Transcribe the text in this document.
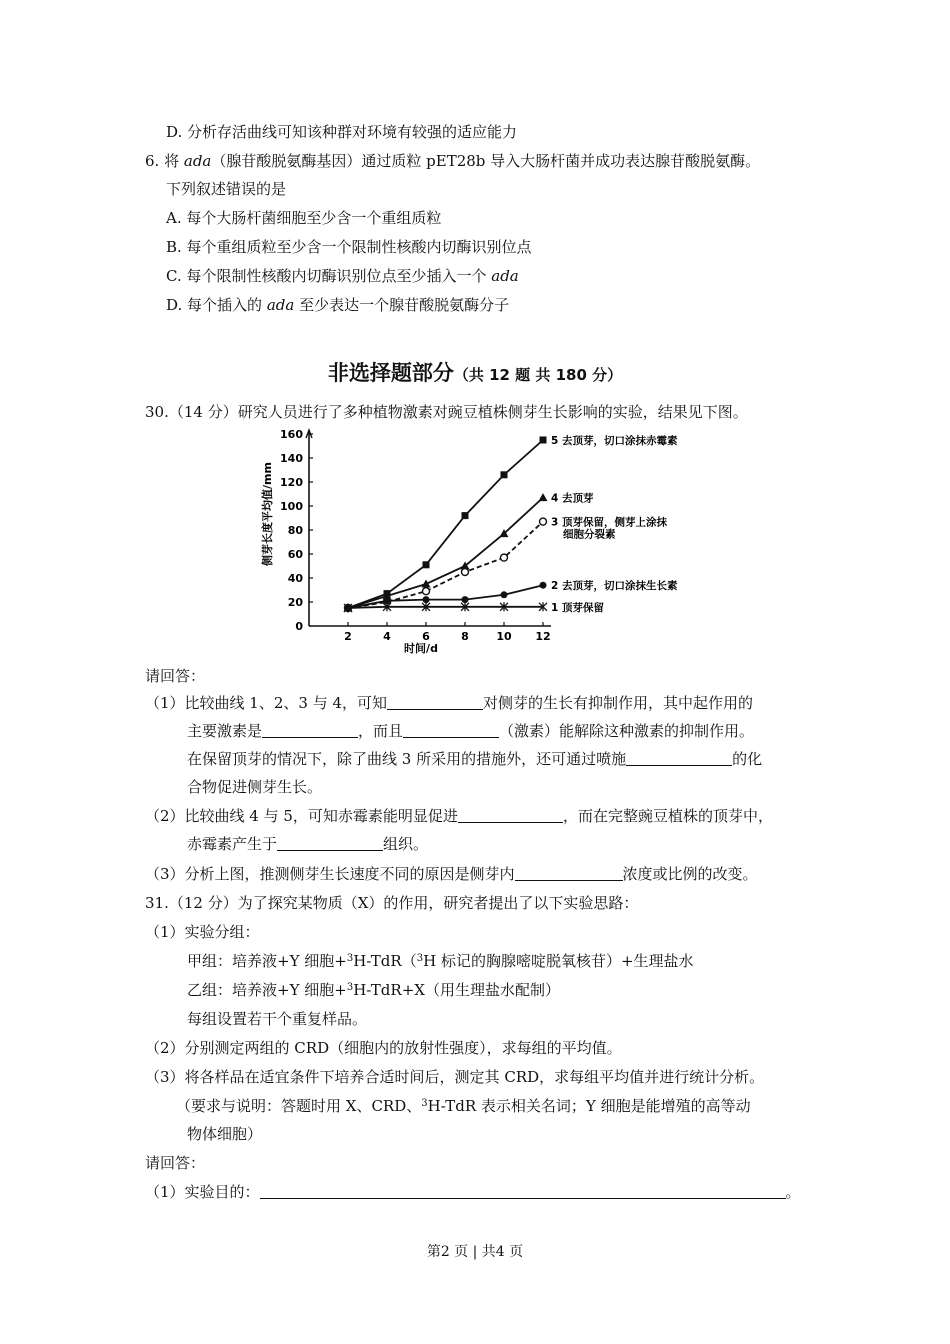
D. 分析存活曲线可知该种群对环境有较强的适应能力
6. 将 ada（腺苷酸脱氨酶基因）通过质粒 pET28b 导入大肠杆菌并成功表达腺苷酸脱氨酶。
下列叙述错误的是
A. 每个大肠杆菌细胞至少含一个重组质粒
B. 每个重组质粒至少含一个限制性核酸内切酶识别位点
C. 每个限制性核酸内切酶识别位点至少插入一个 ada
D. 每个插入的 ada 至少表达一个腺苷酸脱氨酶分子
非选择题部分（共 12 题 共 180 分）
30.（14 分）研究人员进行了多种植物激素对豌豆植株侧芽生长影响的实验，结果见下图。
0
20
40
60
80
100
120
140
160
2	4	6	8	10 12
5 去顶芽，切口涂抹赤霉素
4 去顶芽
3 顶芽保留，侧芽上涂抹细胞分裂素
2 去顶芽，切口涂抹生长素
1 顶芽保留
侧芽长度平均值/mm
时间/d
请回答：
（1）比较曲线 1、2、3 与 4，可知	对侧芽的生长有抑制作用，其中起作用的
主要激素是	，而且	（激素）能解除这种激素的抑制作用。
在保留顶芽的情况下，除了曲线 3 所采用的措施外，还可通过喷施	的化
合物促进侧芽生长。
（2）比较曲线 4 与 5，可知赤霉素能明显促进	，而在完整豌豆植株的顶芽中，
赤霉素产生于	组织。
（3）分析上图，推测侧芽生长速度不同的原因是侧芽内	浓度或比例的改变。
31.（12 分）为了探究某物质（X）的作用，研究者提出了以下实验思路：
（1）实验分组：
甲组：培养液+Y 细胞+$^3$H-TdR（$^3$H 标记的胸腺嘧啶脱氧核苷）+生理盐水
乙组：培养液+Y 细胞+$^3$H-TdR+X（用生理盐水配制）
每组设置若干个重复样品。
（2）分别测定两组的 CRD（细胞内的放射性强度），求每组的平均值。
（3）将各样品在适宜条件下培养合适时间后，测定其 CRD，求每组平均值并进行统计分析。
（要求与说明：答题时用 X、CRD、$^3$H-TdR 表示相关名词；Y 细胞是能增殖的高等动
物体细胞）
请回答：
（1）实验目的：	。
第2 页 | 共4 页
